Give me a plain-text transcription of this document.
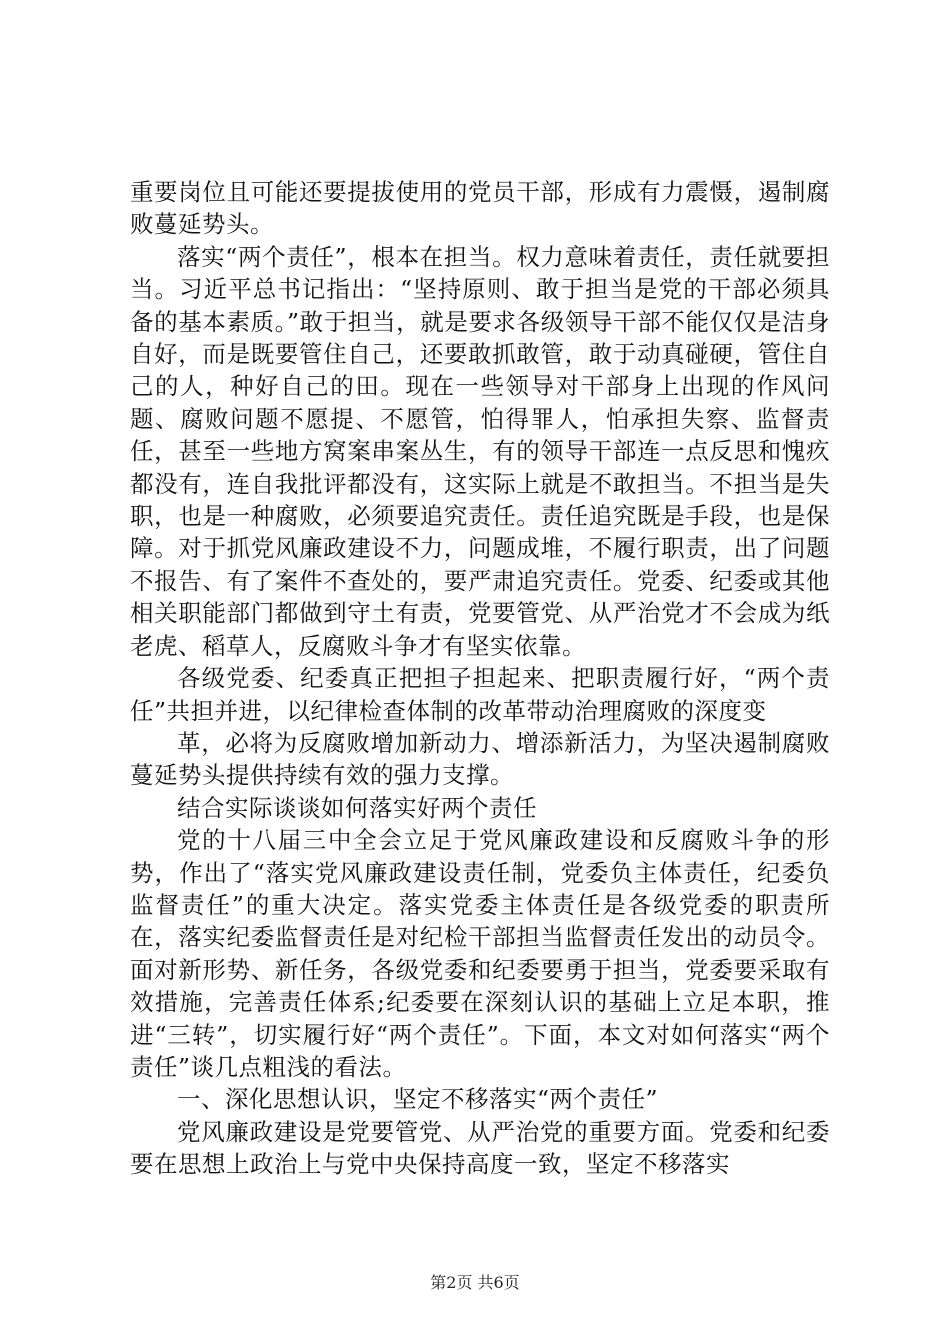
重要岗位且可能还要提拔使用的党员干部，形成有力震慑，遏制腐败蔓延势头。

落实“两个责任”，根本在担当。权力意味着责任，责任就要担当。习近平总书记指出：“坚持原则、敢于担当是党的干部必须具备的基本素质。”敢于担当，就是要求各级领导干部不能仅仅是洁身自好，而是既要管住自己，还要敢抓敢管，敢于动真碰硬，管住自己的人，种好自己的田。现在一些领导对干部身上出现的作风问题、腐败问题不愿提、不愿管，怕得罪人，怕承担失察、监督责任，甚至一些地方窝案串案丛生，有的领导干部连一点反思和愧疚都没有，连自我批评都没有，这实际上就是不敢担当。不担当是失职，也是一种腐败，必须要追究责任。责任追究既是手段，也是保障。对于抓党风廉政建设不力，问题成堆，不履行职责，出了问题不报告、有了案件不查处的，要严肃追究责任。党委、纪委或其他相关职能部门都做到守土有责，党要管党、从严治党才不会成为纸老虎、稻草人，反腐败斗争才有坚实依靠。

各级党委、纪委真正把担子担起来、把职责履行好，“两个责任”共担并进，以纪律检查体制的改革带动治理腐败的深度变

革，必将为反腐败增加新动力、增添新活力，为坚决遏制腐败蔓延势头提供持续有效的强力支撑。

结合实际谈谈如何落实好两个责任

党的十八届三中全会立足于党风廉政建设和反腐败斗争的形势，作出了“落实党风廉政建设责任制，党委负主体责任，纪委负监督责任”的重大决定。落实党委主体责任是各级党委的职责所在，落实纪委监督责任是对纪检干部担当监督责任发出的动员令。面对新形势、新任务，各级党委和纪委要勇于担当，党委要采取有效措施，完善责任体系;纪委要在深刻认识的基础上立足本职，推进“三转”，切实履行好“两个责任”。下面，本文对如何落实“两个责任”谈几点粗浅的看法。

一、深化思想认识，坚定不移落实“两个责任”

党风廉政建设是党要管党、从严治党的重要方面。党委和纪委要在思想上政治上与党中央保持高度一致，坚定不移落实

第2页 共6页
